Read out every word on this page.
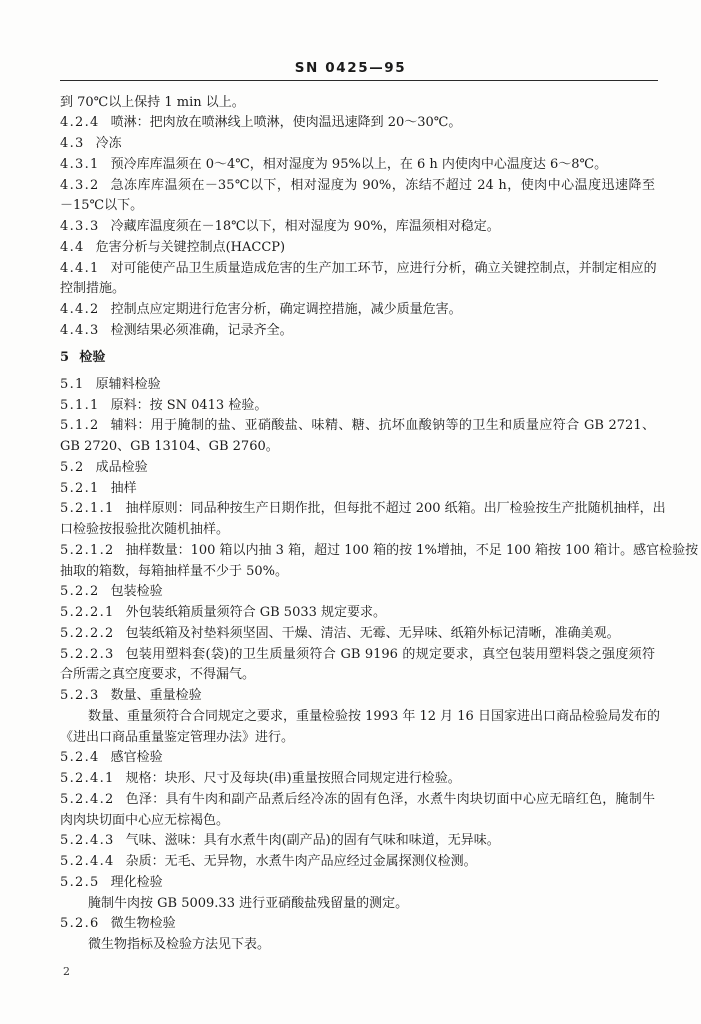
SN 0425—95
到 70℃以上保持 1 min 以上。
4.2.4 喷淋：把肉放在喷淋线上喷淋，使肉温迅速降到 20～30℃。
4.3 冷冻
4.3.1 预冷库库温须在 0～4℃，相对湿度为 95%以上，在 6 h 内使肉中心温度达 6～8℃。
4.3.2 急冻库库温须在－35℃以下，相对湿度为 90%，冻结不超过 24 h，使肉中心温度迅速降至
－15℃以下。
4.3.3 冷藏库温度须在－18℃以下，相对湿度为 90%，库温须相对稳定。
4.4 危害分析与关键控制点(HACCP)
4.4.1 对可能使产品卫生质量造成危害的生产加工环节，应进行分析，确立关键控制点，并制定相应的
控制措施。
4.4.2 控制点应定期进行危害分析，确定调控措施，减少质量危害。
4.4.3 检测结果必须准确，记录齐全。
5 检验
5.1 原辅料检验
5.1.1 原料：按 SN 0413 检验。
5.1.2 辅料：用于腌制的盐、亚硝酸盐、味精、糖、抗坏血酸钠等的卫生和质量应符合 GB 2721、
GB 2720、GB 13104、GB 2760。
5.2 成品检验
5.2.1 抽样
5.2.1.1 抽样原则：同品种按生产日期作批，但每批不超过 200 纸箱。出厂检验按生产批随机抽样，出
口检验按报验批次随机抽样。
5.2.1.2 抽样数量：100 箱以内抽 3 箱，超过 100 箱的按 1%增抽，不足 100 箱按 100 箱计。感官检验按
抽取的箱数，每箱抽样量不少于 50%。
5.2.2 包装检验
5.2.2.1 外包装纸箱质量须符合 GB 5033 规定要求。
5.2.2.2 包装纸箱及衬垫料须坚固、干燥、清洁、无霉、无异味、纸箱外标记清晰，准确美观。
5.2.2.3 包装用塑料套(袋)的卫生质量须符合 GB 9196 的规定要求，真空包装用塑料袋之强度须符
合所需之真空度要求，不得漏气。
5.2.3 数量、重量检验
数量、重量须符合合同规定之要求，重量检验按 1993 年 12 月 16 日国家进出口商品检验局发布的
《进出口商品重量鉴定管理办法》进行。
5.2.4 感官检验
5.2.4.1 规格：块形、尺寸及每块(串)重量按照合同规定进行检验。
5.2.4.2 色泽：具有牛肉和副产品煮后经冷冻的固有色泽，水煮牛肉块切面中心应无暗红色，腌制牛
肉肉块切面中心应无棕褐色。
5.2.4.3 气味、滋味：具有水煮牛肉(副产品)的固有气味和味道，无异味。
5.2.4.4 杂质：无毛、无异物，水煮牛肉产品应经过金属探测仪检测。
5.2.5 理化检验
腌制牛肉按 GB 5009.33 进行亚硝酸盐残留量的测定。
5.2.6 微生物检验
微生物指标及检验方法见下表。
2
